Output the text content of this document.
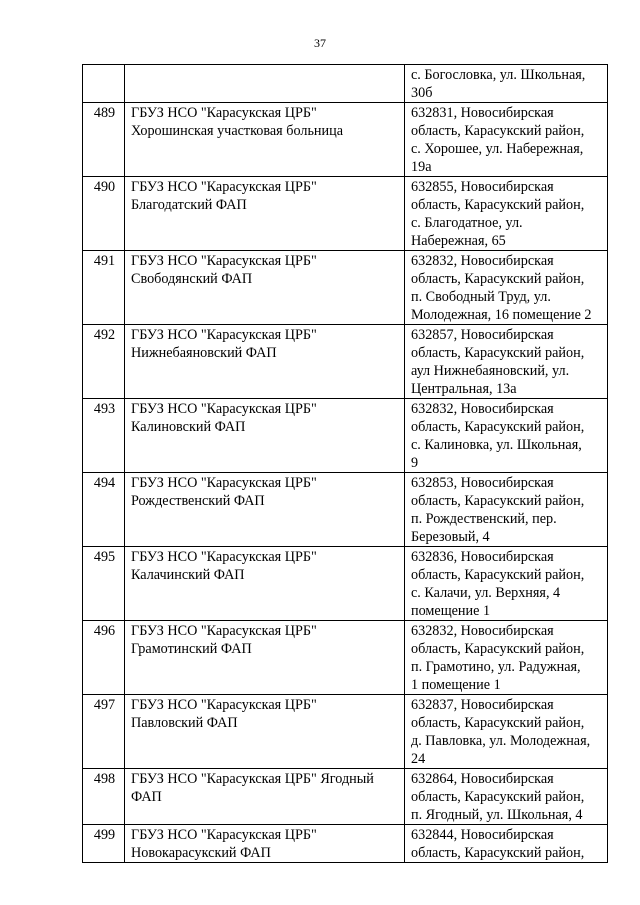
37

		с. Богословка, ул. Школьная,
30б

489	ГБУЗ НСО "Карасукская ЦРБ"
Хорошинская участковая больница	632831, Новосибирская
область, Карасукский район,
с. Хорошее, ул. Набережная,
19а

490	ГБУЗ НСО "Карасукская ЦРБ"
Благодатский ФАП	632855, Новосибирская
область, Карасукский район,
с. Благодатное, ул.
Набережная, 65

491	ГБУЗ НСО "Карасукская ЦРБ"
Свободянский ФАП	632832, Новосибирская
область, Карасукский район,
п. Свободный Труд, ул.
Молодежная, 16 помещение 2

492	ГБУЗ НСО "Карасукская ЦРБ"
Нижнебаяновский ФАП	632857, Новосибирская
область, Карасукский район,
аул Нижнебаяновский, ул.
Центральная, 13а

493	ГБУЗ НСО "Карасукская ЦРБ"
Калиновский ФАП	632832, Новосибирская
область, Карасукский район,
с. Калиновка, ул. Школьная,
9

494	ГБУЗ НСО "Карасукская ЦРБ"
Рождественский ФАП	632853, Новосибирская
область, Карасукский район,
п. Рождественский, пер.
Березовый, 4

495	ГБУЗ НСО "Карасукская ЦРБ"
Калачинский ФАП	632836, Новосибирская
область, Карасукский район,
с. Калачи, ул. Верхняя, 4
помещение 1

496	ГБУЗ НСО "Карасукская ЦРБ"
Грамотинский ФАП	632832, Новосибирская
область, Карасукский район,
п. Грамотино, ул. Радужная,
1 помещение 1

497	ГБУЗ НСО "Карасукская ЦРБ"
Павловский ФАП	632837, Новосибирская
область, Карасукский район,
д. Павловка, ул. Молодежная,
24

498	ГБУЗ НСО "Карасукская ЦРБ" Ягодный
ФАП	632864, Новосибирская
область, Карасукский район,
п. Ягодный, ул. Школьная, 4

499	ГБУЗ НСО "Карасукская ЦРБ"
Новокарасукский ФАП	632844, Новосибирская
область, Карасукский район,
